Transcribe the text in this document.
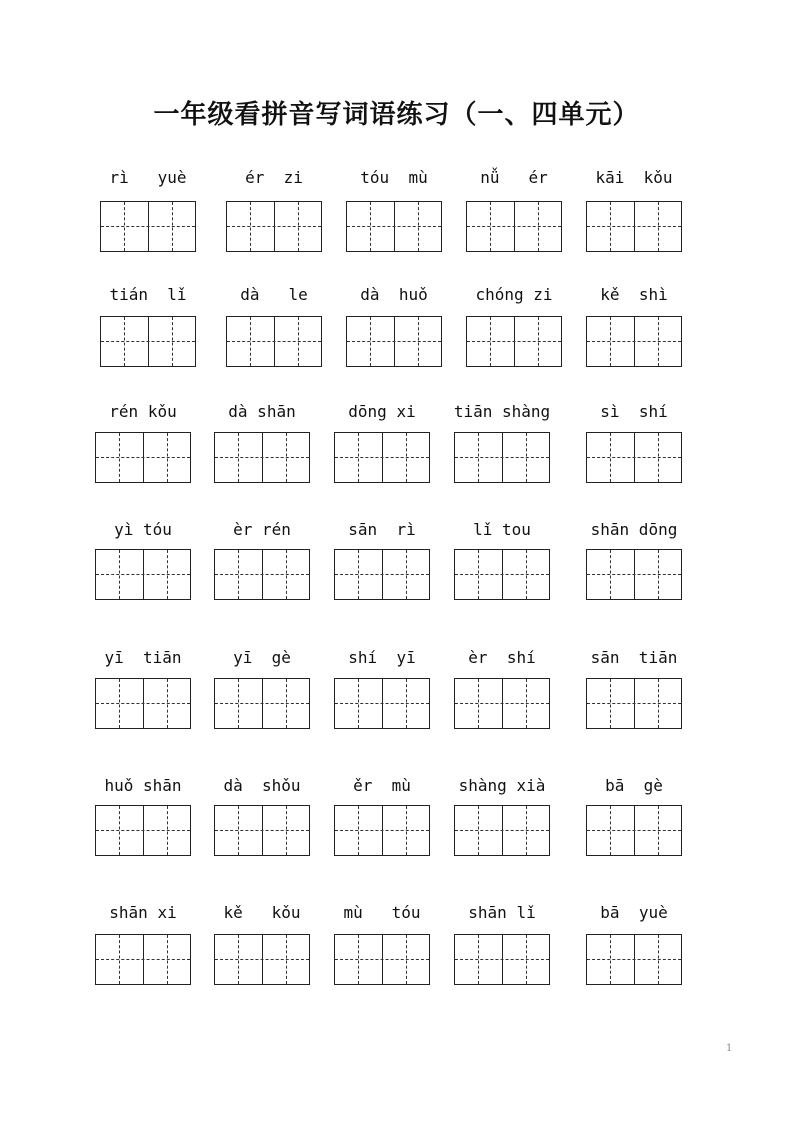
一年级看拼音写词语练习（一、四单元）
rì   yuè	ér  zi	tóu  mù	nǚ   ér	kāi  kǒu
tián  lǐ	dà   le	dà  huǒ	chóng zi	kě  shì
rén kǒu	dà shān	dōng xi	tiān shàng	sì  shí
yì tóu	èr rén	sān  rì	lǐ tou	shān dōng
yī  tiān	yī  gè	shí  yī	èr  shí	sān  tiān
huǒ shān	dà  shǒu	ěr  mù	shàng xià	bā  gè
shān xi	kě   kǒu	mù   tóu	shān lǐ	bā  yuè
1
